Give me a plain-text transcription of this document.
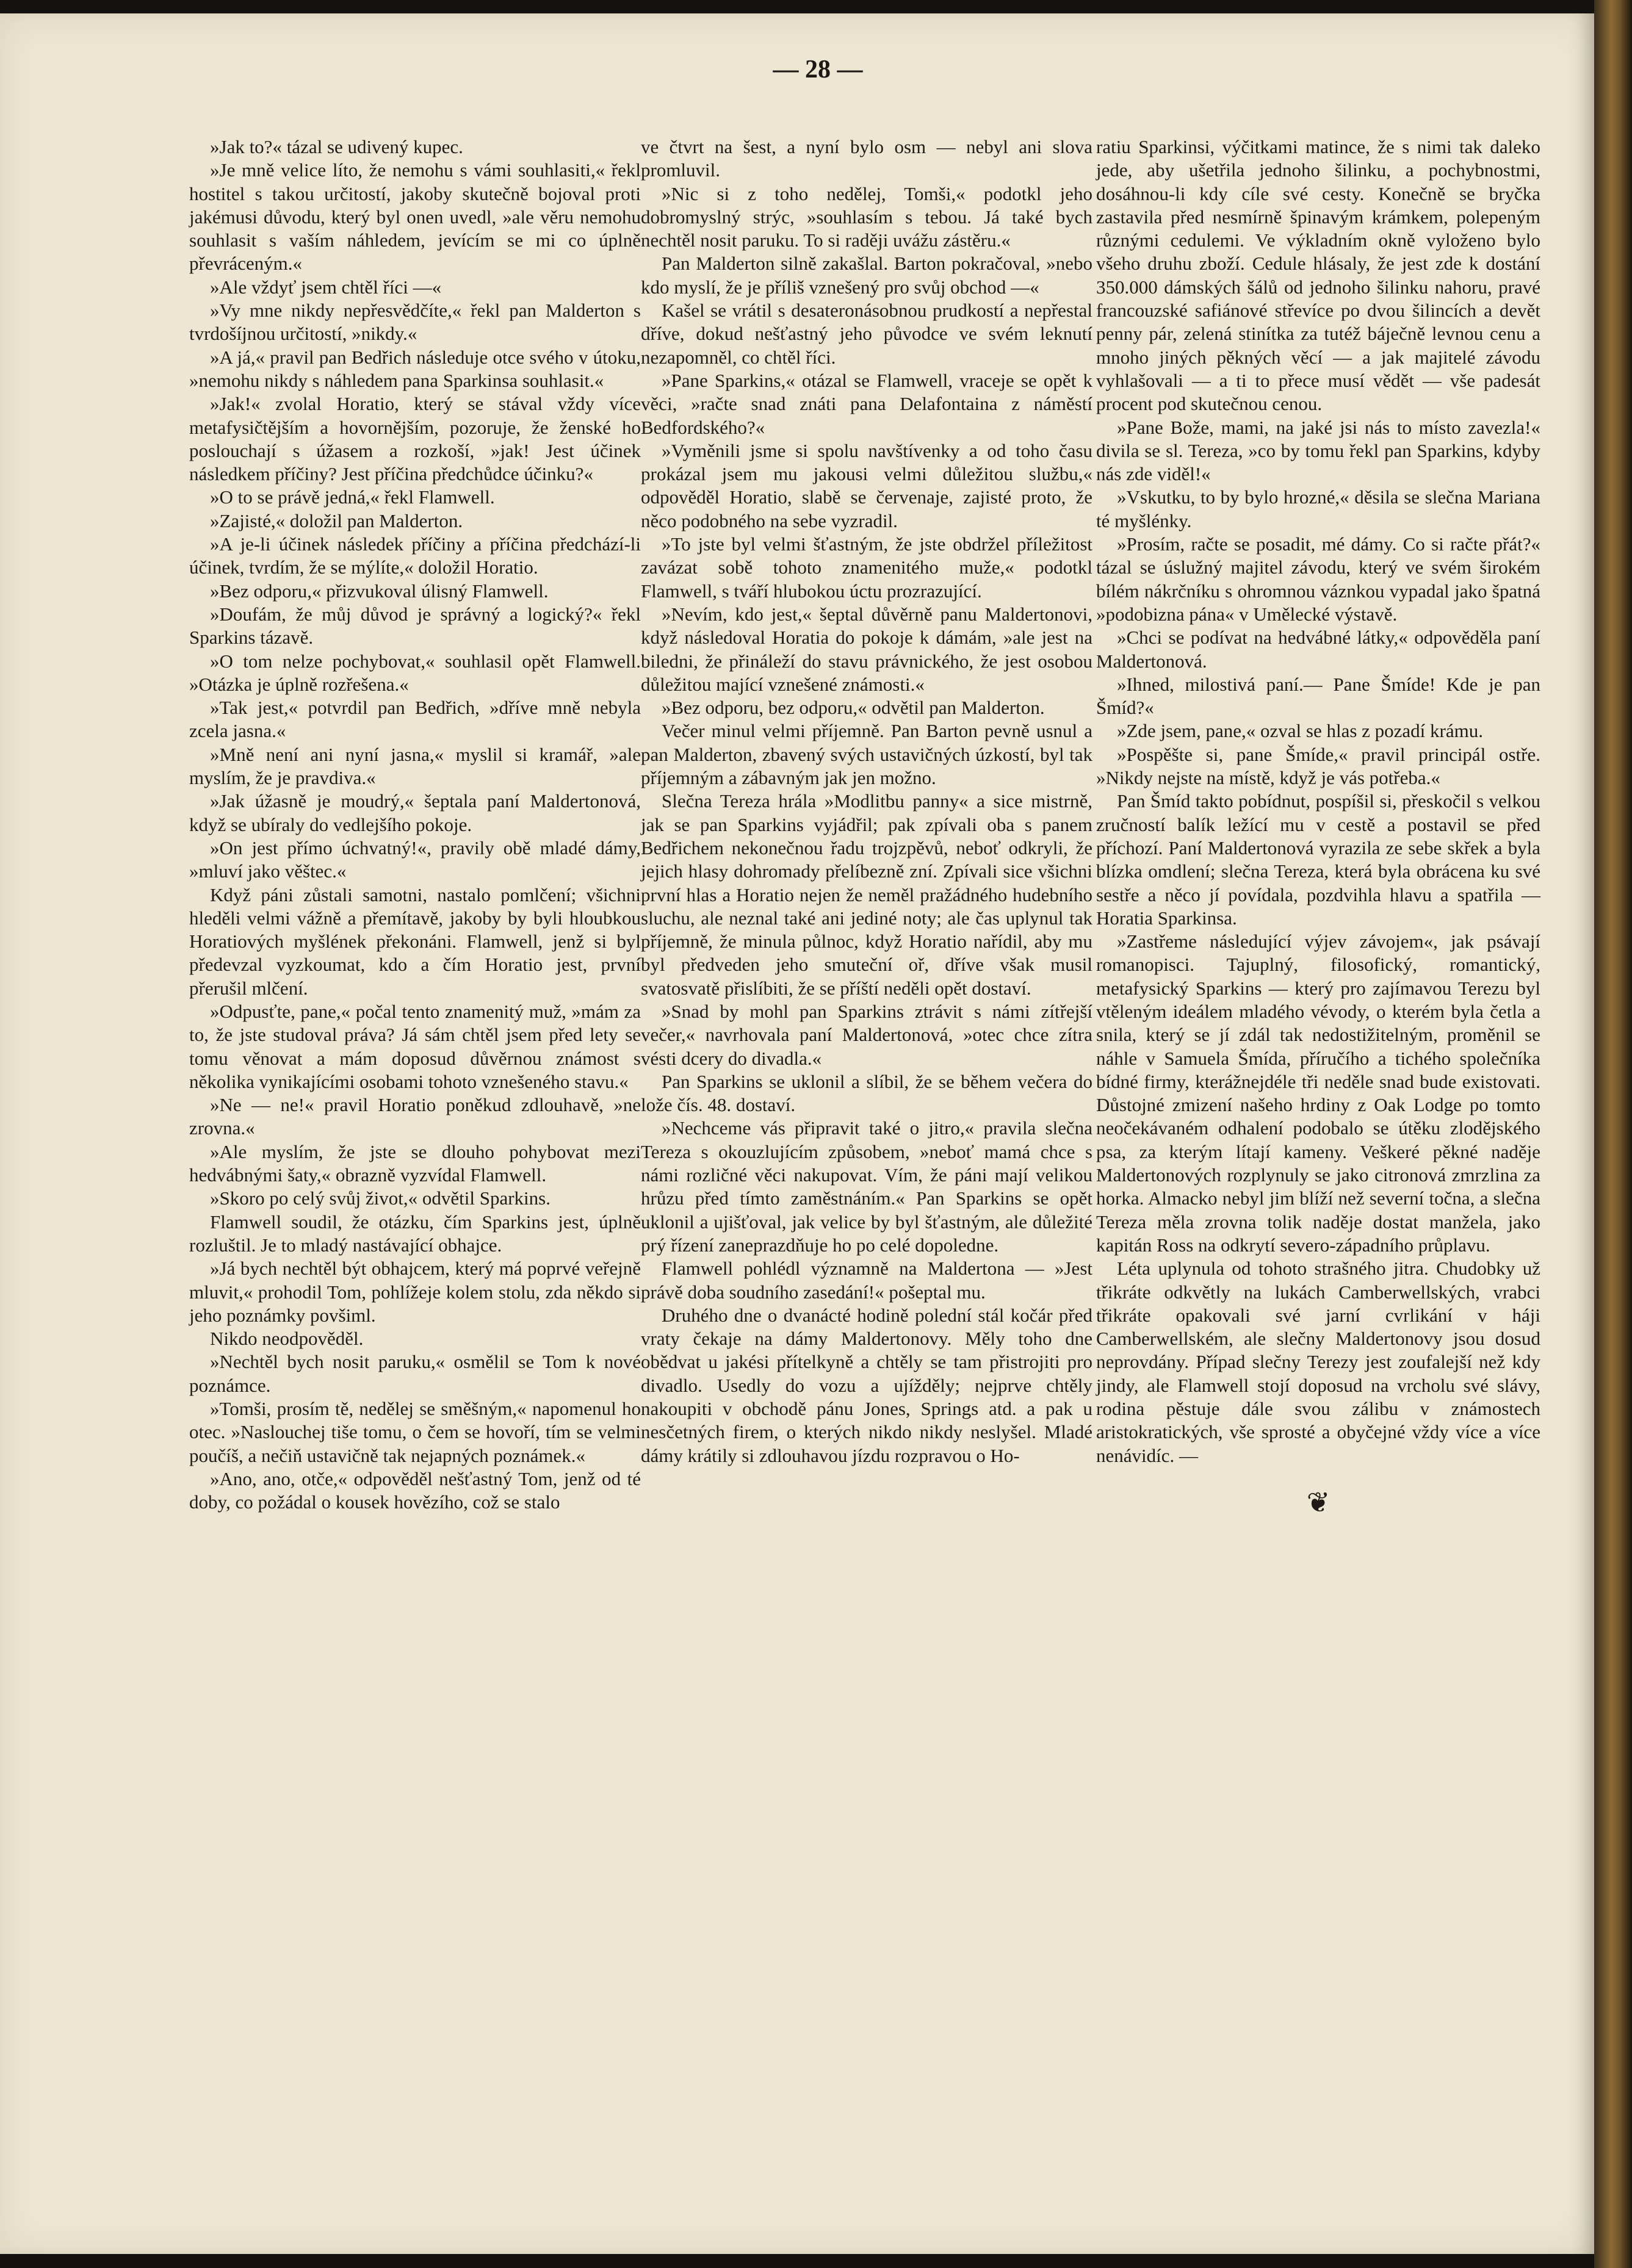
— 28 —

»Jak to?« tázal se udivený kupec.

»Je mně velice líto, že nemohu s vámi souhlasiti,« řekl hostitel s takou určitostí, jakoby skutečně bojoval proti jakémusi důvodu, který byl onen uvedl, »ale věru nemohu souhlasit s vaším náhledem, jevícím se mi co úplně převráceným.«

»Ale vždyť jsem chtěl říci —«

»Vy mne nikdy nepřesvědčíte,« řekl pan Malderton s tvrdošíjnou určitostí, »nikdy.«

»A já,« pravil pan Bedřich následuje otce svého v útoku, »nemohu nikdy s náhledem pana Sparkinsa souhlasit.«

»Jak!« zvolal Horatio, který se stával vždy více metafysičtějším a hovornějším, pozoruje, že ženské ho poslouchají s úžasem a rozkoší, »jak! Jest účinek následkem příčiny? Jest příčina předchůdce účinku?«

»O to se právě jedná,« řekl Flamwell.

»Zajisté,« doložil pan Malderton.

»A je-li účinek následek příčiny a příčina předchází-li účinek, tvrdím, že se mýlíte,« doložil Horatio.

»Bez odporu,« přizvukoval úlisný Flamwell.

»Doufám, že můj důvod je správný a logický?« řekl Sparkins tázavě.

»O tom nelze pochybovat,« souhlasil opět Flamwell. »Otázka je úplně rozřešena.«

»Tak jest,« potvrdil pan Bedřich, »dříve mně nebyla zcela jasna.«

»Mně není ani nyní jasna,« myslil si kramář, »ale myslím, že je pravdiva.«

»Jak úžasně je moudrý,« šeptala paní Maldertonová, když se ubíraly do vedlejšího pokoje.

»On jest přímo úchvatný!«, pravily obě mladé dámy, »mluví jako věštec.«

Když páni zůstali samotni, nastalo pomlčení; všichni hleděli velmi vážně a přemítavě, jakoby by byli hloubkou Horatiových myšlének překonáni. Flamwell, jenž si byl předevzal vyzkoumat, kdo a čím Horatio jest, první přerušil mlčení.

»Odpusťte, pane,« počal tento znamenitý muž, »mám za to, že jste studoval práva? Já sám chtěl jsem před lety se tomu věnovat a mám doposud důvěrnou známost s několika vynikajícími osobami tohoto vznešeného stavu.«

»Ne — ne!« pravil Horatio poněkud zdlouhavě, »ne zrovna.«

»Ale myslím, že jste se dlouho pohybovat mezi hedvábnými šaty,« obrazně vyzvídal Flamwell.

»Skoro po celý svůj život,« odvětil Sparkins.

Flamwell soudil, že otázku, čím Sparkins jest, úplně rozluštil. Je to mladý nastávající obhajce.

»Já bych nechtěl být obhajcem, který má poprvé veřejně mluvit,« prohodil Tom, pohlížeje kolem stolu, zda někdo si jeho poznámky povšiml.

Nikdo neodpověděl.

»Nechtěl bych nosit paruku,« osmělil se Tom k nové poznámce.

»Tomši, prosím tě, nedělej se směšným,« napomenul ho otec. »Naslouchej tiše tomu, o čem se hovoří, tím se velmi poučíš, a nečiň ustavičně tak nejapných poznámek.«

»Ano, ano, otče,« odpověděl nešťastný Tom, jenž od té doby, co požádal o kousek hovězího, což se stalo

ve čtvrt na šest, a nyní bylo osm — nebyl ani slova promluvil.

»Nic si z toho nedělej, Tomši,« podotkl jeho dobromyslný strýc, »souhlasím s tebou. Já také bych nechtěl nosit paruku. To si raději uvážu zástěru.«

Pan Malderton silně zakašlal. Barton pokračoval, »nebo kdo myslí, že je příliš vznešený pro svůj obchod —«

Kašel se vrátil s desateronásobnou prudkostí a nepřestal dříve, dokud nešťastný jeho původce ve svém leknutí nezapomněl, co chtěl říci.

»Pane Sparkins,« otázal se Flamwell, vraceje se opět k věci, »račte snad znáti pana Delafontaina z náměstí Bedfordského?«

»Vyměnili jsme si spolu navštívenky a od toho času prokázal jsem mu jakousi velmi důležitou službu,« odpověděl Horatio, slabě se červenaje, zajisté proto, že něco podobného na sebe vyzradil.

»To jste byl velmi šťastným, že jste obdržel příležitost zavázat sobě tohoto znamenitého muže,« podotkl Flamwell, s tváří hlubokou úctu prozrazující.

»Nevím, kdo jest,« šeptal důvěrně panu Maldertonovi, když následoval Horatia do pokoje k dámám, »ale jest na biledni, že přináleží do stavu právnického, že jest osobou důležitou mající vznešené známosti.«

»Bez odporu, bez odporu,« odvětil pan Malderton.

Večer minul velmi příjemně. Pan Barton pevně usnul a pan Malderton, zbavený svých ustavičných úzkostí, byl tak příjemným a zábavným jak jen možno.

Slečna Tereza hrála »Modlitbu panny« a sice mistrně, jak se pan Sparkins vyjádřil; pak zpívali oba s panem Bedřichem nekonečnou řadu trojzpěvů, neboť odkryli, že jejich hlasy dohromady přelíbezně zní. Zpívali sice všichni první hlas a Horatio nejen že neměl pražádného hudebního sluchu, ale neznal také ani jediné noty; ale čas uplynul tak příjemně, že minula půlnoc, když Horatio nařídil, aby mu byl předveden jeho smuteční oř, dříve však musil svatosvatě přislíbiti, že se příští neděli opět dostaví.

»Snad by mohl pan Sparkins ztrávit s námi zítřejší večer,« navrhovala paní Maldertonová, »otec chce zítra vésti dcery do divadla.«

Pan Sparkins se uklonil a slíbil, že se během večera do lože čís. 48. dostaví.

»Nechceme vás připravit také o jitro,« pravila slečna Tereza s okouzlujícím způsobem, »neboť mamá chce s námi rozličné věci nakupovat. Vím, že páni mají velikou hrůzu před tímto zaměstnáním.« Pan Sparkins se opět uklonil a ujišťoval, jak velice by byl šťastným, ale důležité prý řízení zaneprazdňuje ho po celé dopoledne.

Flamwell pohlédl významně na Maldertona — »Jest právě doba soudního zasedání!« pošeptal mu.

Druhého dne o dvanácté hodině polední stál kočár před vraty čekaje na dámy Maldertonovy. Měly toho dne obědvat u jakési přítelkyně a chtěly se tam přistrojiti pro divadlo. Usedly do vozu a ujížděly; nejprve chtěly nakoupiti v obchodě pánu Jones, Springs atd. a pak u nesčetných firem, o kterých nikdo nikdy neslyšel. Mladé dámy krátily si zdlouhavou jízdu rozpravou o Ho-

ratiu Sparkinsi, výčitkami matince, že s nimi tak daleko jede, aby ušetřila jednoho šilinku, a pochybnostmi, dosáhnou-li kdy cíle své cesty. Konečně se bryčka zastavila před nesmírně špinavým krámkem, polepeným různými cedulemi. Ve výkladním okně vyloženo bylo všeho druhu zboží. Cedule hlásaly, že jest zde k dostání 350.000 dámských šálů od jednoho šilinku nahoru, pravé francouzské safiánové střevíce po dvou šilincích a devět penny pár, zelená stinítka za tutéž báječně levnou cenu a mnoho jiných pěkných věcí — a jak majitelé závodu vyhlašovali — a ti to přece musí vědět — vše padesát procent pod skutečnou cenou.

»Pane Bože, mami, na jaké jsi nás to místo zavezla!« divila se sl. Tereza, »co by tomu řekl pan Sparkins, kdyby nás zde viděl!«

»Vskutku, to by bylo hrozné,« děsila se slečna Mariana té myšlénky.

»Prosím, račte se posadit, mé dámy. Co si račte přát?« tázal se úslužný majitel závodu, který ve svém širokém bílém nákrčníku s ohromnou váznkou vypadal jako špatná »podobizna pána« v Umělecké výstavě.

»Chci se podívat na hedvábné látky,« odpověděla paní Maldertonová.

»Ihned, milostivá paní.— Pane Šmíde! Kde je pan Šmíd?«

»Zde jsem, pane,« ozval se hlas z pozadí krámu.

»Pospěšte si, pane Šmíde,« pravil principál ostře. »Nikdy nejste na místě, když je vás potřeba.«

Pan Šmíd takto pobídnut, pospíšil si, přeskočil s velkou zručností balík ležící mu v cestě a postavil se před příchozí. Paní Maldertonová vyrazila ze sebe skřek a byla blízka omdlení; slečna Tereza, která byla obrácena ku své sestře a něco jí povídala, pozdvihla hlavu a spatřila — Horatia Sparkinsa.

»Zastřeme následující výjev závojem«, jak psávají romanopisci. Tajuplný, filosofický, romantický, metafysický Sparkins — který pro zajímavou Terezu byl vtěleným ideálem mladého vévody, o kterém byla četla a snila, který se jí zdál tak nedostižitelným, proměnil se náhle v Samuela Šmída, příručího a tichého společníka bídné firmy, kterážnejdéle tři neděle snad bude existovati. Důstojné zmizení našeho hrdiny z Oak Lodge po tomto neočekávaném odhalení podobalo se útěku zlodějského psa, za kterým lítají kameny. Veškeré pěkné naděje Maldertonových rozplynuly se jako citronová zmrzlina za horka. Almacko nebyl jim blíží než severní točna, a slečna Tereza měla zrovna tolik naděje dostat manžela, jako kapitán Ross na odkrytí severo-západního průplavu.

Léta uplynula od tohoto strašného jitra. Chudobky už třikráte odkvětly na lukách Camberwellských, vrabci třikráte opakovali své jarní cvrlikání v háji Camberwellském, ale slečny Maldertonovy jsou dosud neprovdány. Případ slečny Terezy jest zoufalejší než kdy jindy, ale Flamwell stojí doposud na vrcholu své slávy, rodina pěstuje dále svou zálibu v známostech aristokratických, vše sprosté a obyčejné vždy více a více nenávidíc. —

❦
